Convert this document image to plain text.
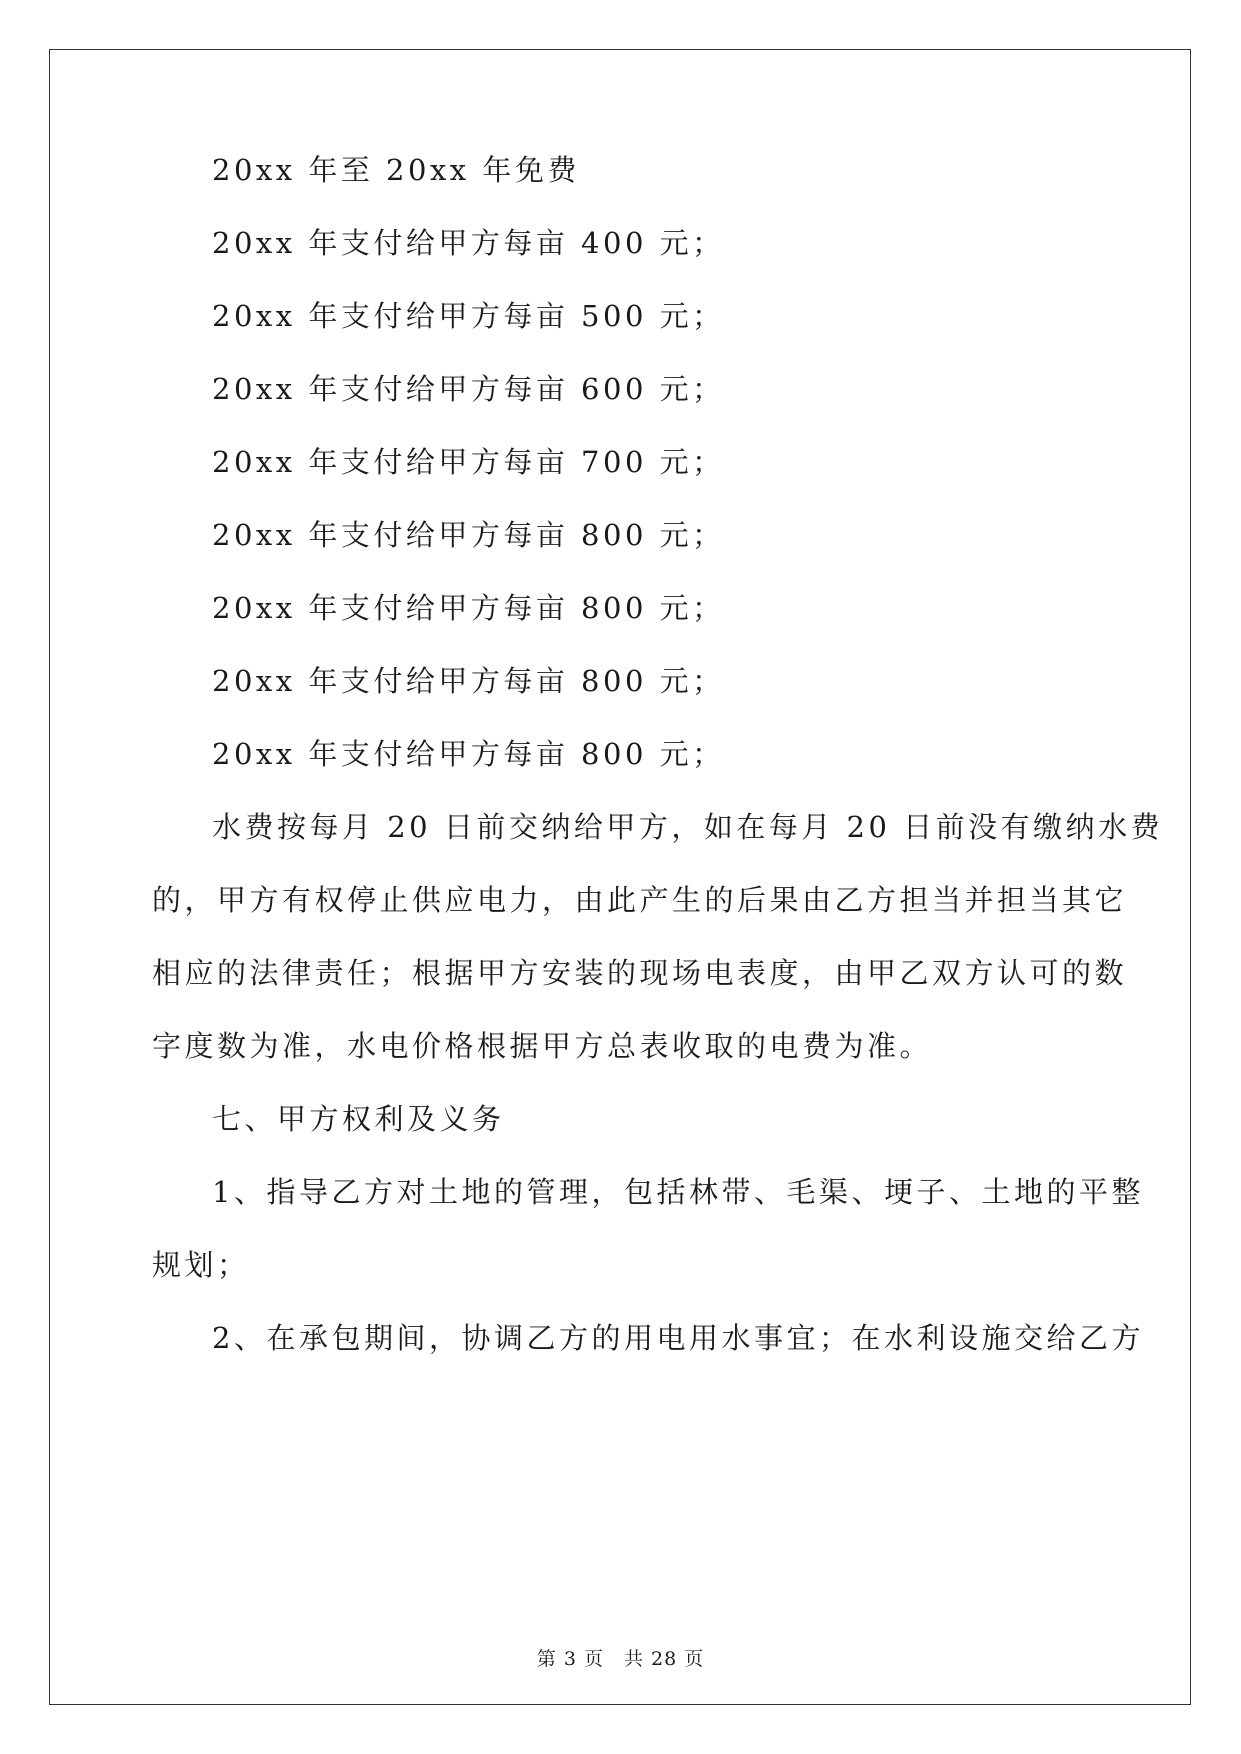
20xx 年至 20xx 年免费
20xx 年支付给甲方每亩 400 元；
20xx 年支付给甲方每亩 500 元；
20xx 年支付给甲方每亩 600 元；
20xx 年支付给甲方每亩 700 元；
20xx 年支付给甲方每亩 800 元；
20xx 年支付给甲方每亩 800 元；
20xx 年支付给甲方每亩 800 元；
20xx 年支付给甲方每亩 800 元；
水费按每月 20 日前交纳给甲方，如在每月 20 日前没有缴纳水费
的，甲方有权停止供应电力，由此产生的后果由乙方担当并担当其它
相应的法律责任；根据甲方安装的现场电表度，由甲乙双方认可的数
字度数为准，水电价格根据甲方总表收取的电费为准。
七、甲方权利及义务
1、指导乙方对土地的管理，包括林带、毛渠、埂子、土地的平整
规划；
2、在承包期间，协调乙方的用电用水事宜；在水利设施交给乙方
第 3 页 共 28 页
